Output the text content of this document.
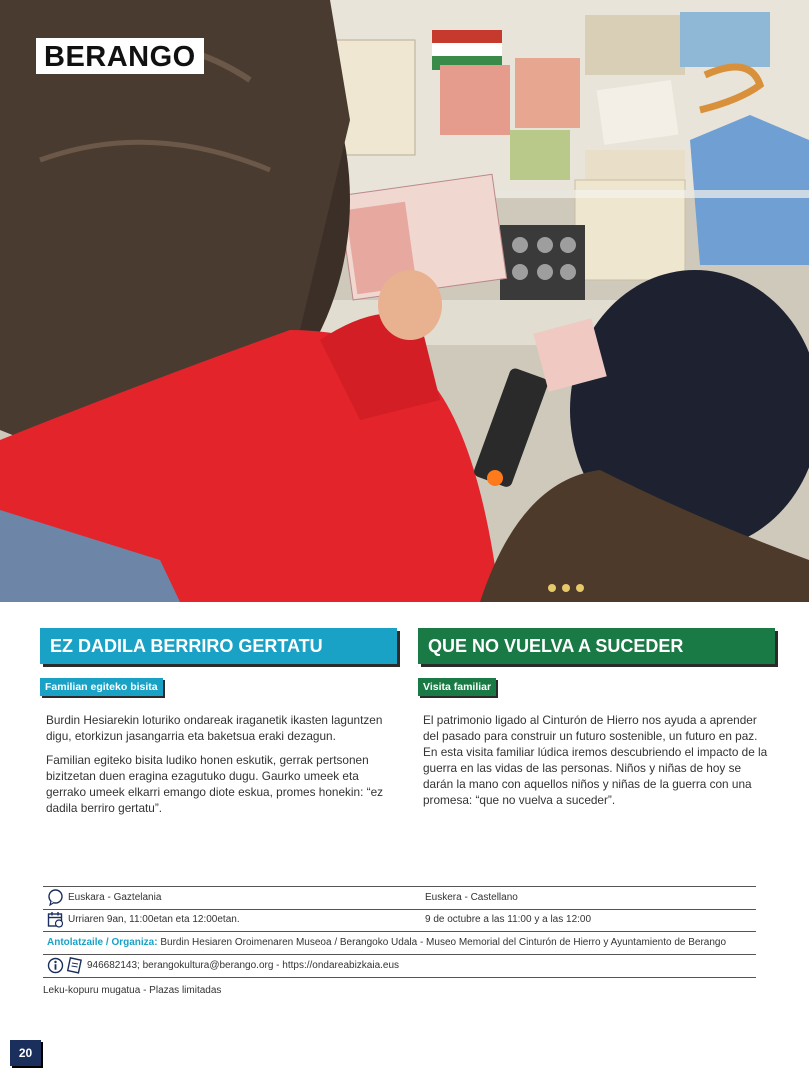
BERANGO
EZ DADILA BERRIRO GERTATU	QUE NO VUELVA A SUCEDER
Familian egiteko bisita	Visita familiar

Burdin Hesiarekin loturiko ondareak iraganetik ikasten laguntzen digu, etorkizun jasangarria eta baketsua eraki dezagun.

Familian egiteko bisita ludiko honen eskutik, gerrak pertsonen bizitzetan duen eragina ezagutuko dugu. Gaurko umeek eta gerrako umeek elkarri emango diote eskua, promes honekin: “ez dadila berriro gertatu”.

El patrimonio ligado al Cinturón de Hierro nos ayuda a aprender del pasado para construir un futuro sostenible, un futuro en paz. En esta visita familiar lúdica iremos descubriendo el impacto de la guerra en las vidas de las personas. Niños y niñas de hoy se darán la mano con aquellos niños y niñas de la guerra con una promesa: “que no vuelva a suceder”.

Euskara - Gaztelania	Euskera - Castellano
Urriaren 9an, 11:00etan eta 12:00etan.	9 de octubre a las 11:00 y a las 12:00
Antolatzaile / Organiza: Burdin Hesiaren Oroimenaren Museoa / Berangoko Udala - Museo Memorial del Cinturón de Hierro y Ayuntamiento de Berango
946682143; berangokultura@berango.org - https://ondareabizkaia.eus
Leku-kopuru mugatua - Plazas limitadas
20
